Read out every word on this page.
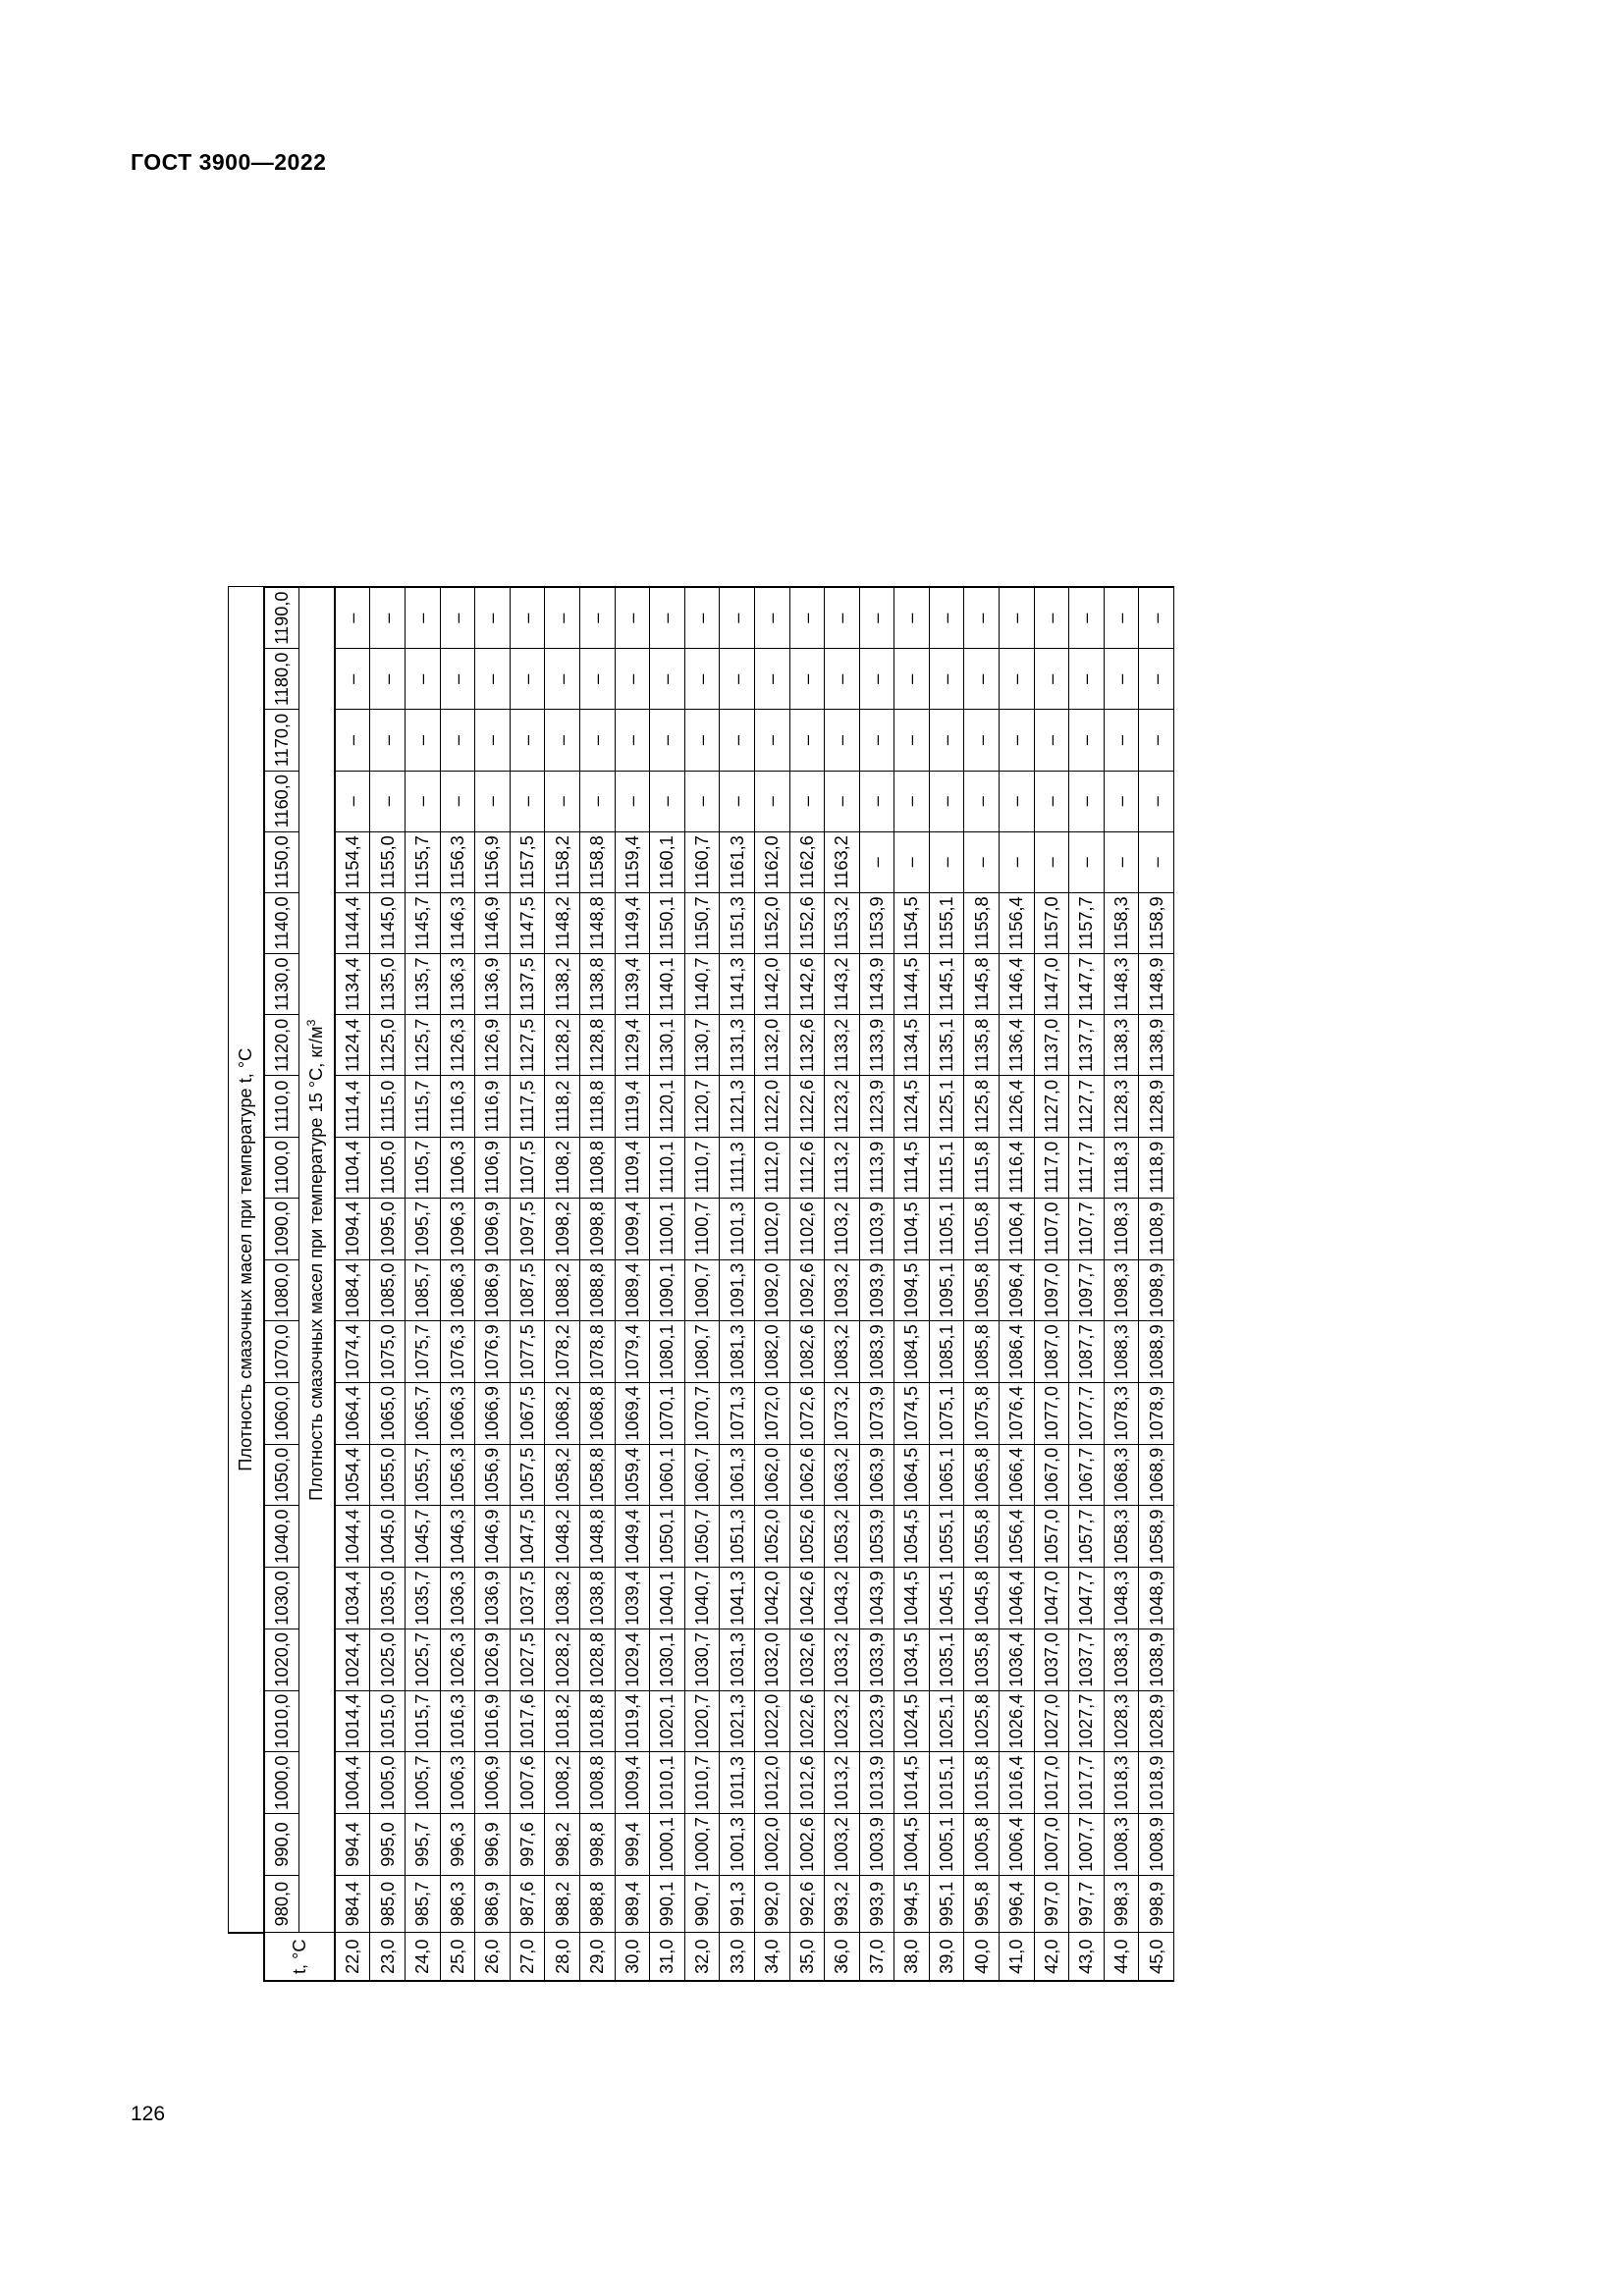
ГОСТ 3900—2022
126
	Плотность смазочных масел при температуре t, °C																					
t, °C	980,0	990,0	1000,0	1010,0	1020,0	1030,0	1040,0	1050,0	1060,0	1070,0	1080,0	1090,0	1100,0	1110,0	1120,0	1130,0	1140,0	1150,0	1160,0	1170,0	1180,0	1190,0
	Плотность смазочных масел при температуре 15 °C, $кг/м^3$
22,0	984,4	994,4	1004,4	1014,4	1024,4	1034,4	1044,4	1054,4	1064,4	1074,4	1084,4	1094,4	1104,4	1114,4	1124,4	1134,4	1144,4	1154,4	–	–	–	–
23,0	985,0	995,0	1005,0	1015,0	1025,0	1035,0	1045,0	1055,0	1065,0	1075,0	1085,0	1095,0	1105,0	1115,0	1125,0	1135,0	1145,0	1155,0	–	–	–	–
24,0	985,7	995,7	1005,7	1015,7	1025,7	1035,7	1045,7	1055,7	1065,7	1075,7	1085,7	1095,7	1105,7	1115,7	1125,7	1135,7	1145,7	1155,7	–	–	–	–
25,0	986,3	996,3	1006,3	1016,3	1026,3	1036,3	1046,3	1056,3	1066,3	1076,3	1086,3	1096,3	1106,3	1116,3	1126,3	1136,3	1146,3	1156,3	–	–	–	–
26,0	986,9	996,9	1006,9	1016,9	1026,9	1036,9	1046,9	1056,9	1066,9	1076,9	1086,9	1096,9	1106,9	1116,9	1126,9	1136,9	1146,9	1156,9	–	–	–	–
27,0	987,6	997,6	1007,6	1017,6	1027,5	1037,5	1047,5	1057,5	1067,5	1077,5	1087,5	1097,5	1107,5	1117,5	1127,5	1137,5	1147,5	1157,5	–	–	–	–
28,0	988,2	998,2	1008,2	1018,2	1028,2	1038,2	1048,2	1058,2	1068,2	1078,2	1088,2	1098,2	1108,2	1118,2	1128,2	1138,2	1148,2	1158,2	–	–	–	–
29,0	988,8	998,8	1008,8	1018,8	1028,8	1038,8	1048,8	1058,8	1068,8	1078,8	1088,8	1098,8	1108,8	1118,8	1128,8	1138,8	1148,8	1158,8	–	–	–	–
30,0	989,4	999,4	1009,4	1019,4	1029,4	1039,4	1049,4	1059,4	1069,4	1079,4	1089,4	1099,4	1109,4	1119,4	1129,4	1139,4	1149,4	1159,4	–	–	–	–
31,0	990,1	1000,1	1010,1	1020,1	1030,1	1040,1	1050,1	1060,1	1070,1	1080,1	1090,1	1100,1	1110,1	1120,1	1130,1	1140,1	1150,1	1160,1	–	–	–	–
32,0	990,7	1000,7	1010,7	1020,7	1030,7	1040,7	1050,7	1060,7	1070,7	1080,7	1090,7	1100,7	1110,7	1120,7	1130,7	1140,7	1150,7	1160,7	–	–	–	–
33,0	991,3	1001,3	1011,3	1021,3	1031,3	1041,3	1051,3	1061,3	1071,3	1081,3	1091,3	1101,3	1111,3	1121,3	1131,3	1141,3	1151,3	1161,3	–	–	–	–
34,0	992,0	1002,0	1012,0	1022,0	1032,0	1042,0	1052,0	1062,0	1072,0	1082,0	1092,0	1102,0	1112,0	1122,0	1132,0	1142,0	1152,0	1162,0	–	–	–	–
35,0	992,6	1002,6	1012,6	1022,6	1032,6	1042,6	1052,6	1062,6	1072,6	1082,6	1092,6	1102,6	1112,6	1122,6	1132,6	1142,6	1152,6	1162,6	–	–	–	–
36,0	993,2	1003,2	1013,2	1023,2	1033,2	1043,2	1053,2	1063,2	1073,2	1083,2	1093,2	1103,2	1113,2	1123,2	1133,2	1143,2	1153,2	1163,2	–	–	–	–
37,0	993,9	1003,9	1013,9	1023,9	1033,9	1043,9	1053,9	1063,9	1073,9	1083,9	1093,9	1103,9	1113,9	1123,9	1133,9	1143,9	1153,9	–	–	–	–	–
38,0	994,5	1004,5	1014,5	1024,5	1034,5	1044,5	1054,5	1064,5	1074,5	1084,5	1094,5	1104,5	1114,5	1124,5	1134,5	1144,5	1154,5	–	–	–	–	–
39,0	995,1	1005,1	1015,1	1025,1	1035,1	1045,1	1055,1	1065,1	1075,1	1085,1	1095,1	1105,1	1115,1	1125,1	1135,1	1145,1	1155,1	–	–	–	–	–
40,0	995,8	1005,8	1015,8	1025,8	1035,8	1045,8	1055,8	1065,8	1075,8	1085,8	1095,8	1105,8	1115,8	1125,8	1135,8	1145,8	1155,8	–	–	–	–	–
41,0	996,4	1006,4	1016,4	1026,4	1036,4	1046,4	1056,4	1066,4	1076,4	1086,4	1096,4	1106,4	1116,4	1126,4	1136,4	1146,4	1156,4	–	–	–	–	–
42,0	997,0	1007,0	1017,0	1027,0	1037,0	1047,0	1057,0	1067,0	1077,0	1087,0	1097,0	1107,0	1117,0	1127,0	1137,0	1147,0	1157,0	–	–	–	–	–
43,0	997,7	1007,7	1017,7	1027,7	1037,7	1047,7	1057,7	1067,7	1077,7	1087,7	1097,7	1107,7	1117,7	1127,7	1137,7	1147,7	1157,7	–	–	–	–	–
44,0	998,3	1008,3	1018,3	1028,3	1038,3	1048,3	1058,3	1068,3	1078,3	1088,3	1098,3	1108,3	1118,3	1128,3	1138,3	1148,3	1158,3	–	–	–	–	–
45,0	998,9	1008,9	1018,9	1028,9	1038,9	1048,9	1058,9	1068,9	1078,9	1088,9	1098,9	1108,9	1118,9	1128,9	1138,9	1148,9	1158,9	–	–	–	–	–
